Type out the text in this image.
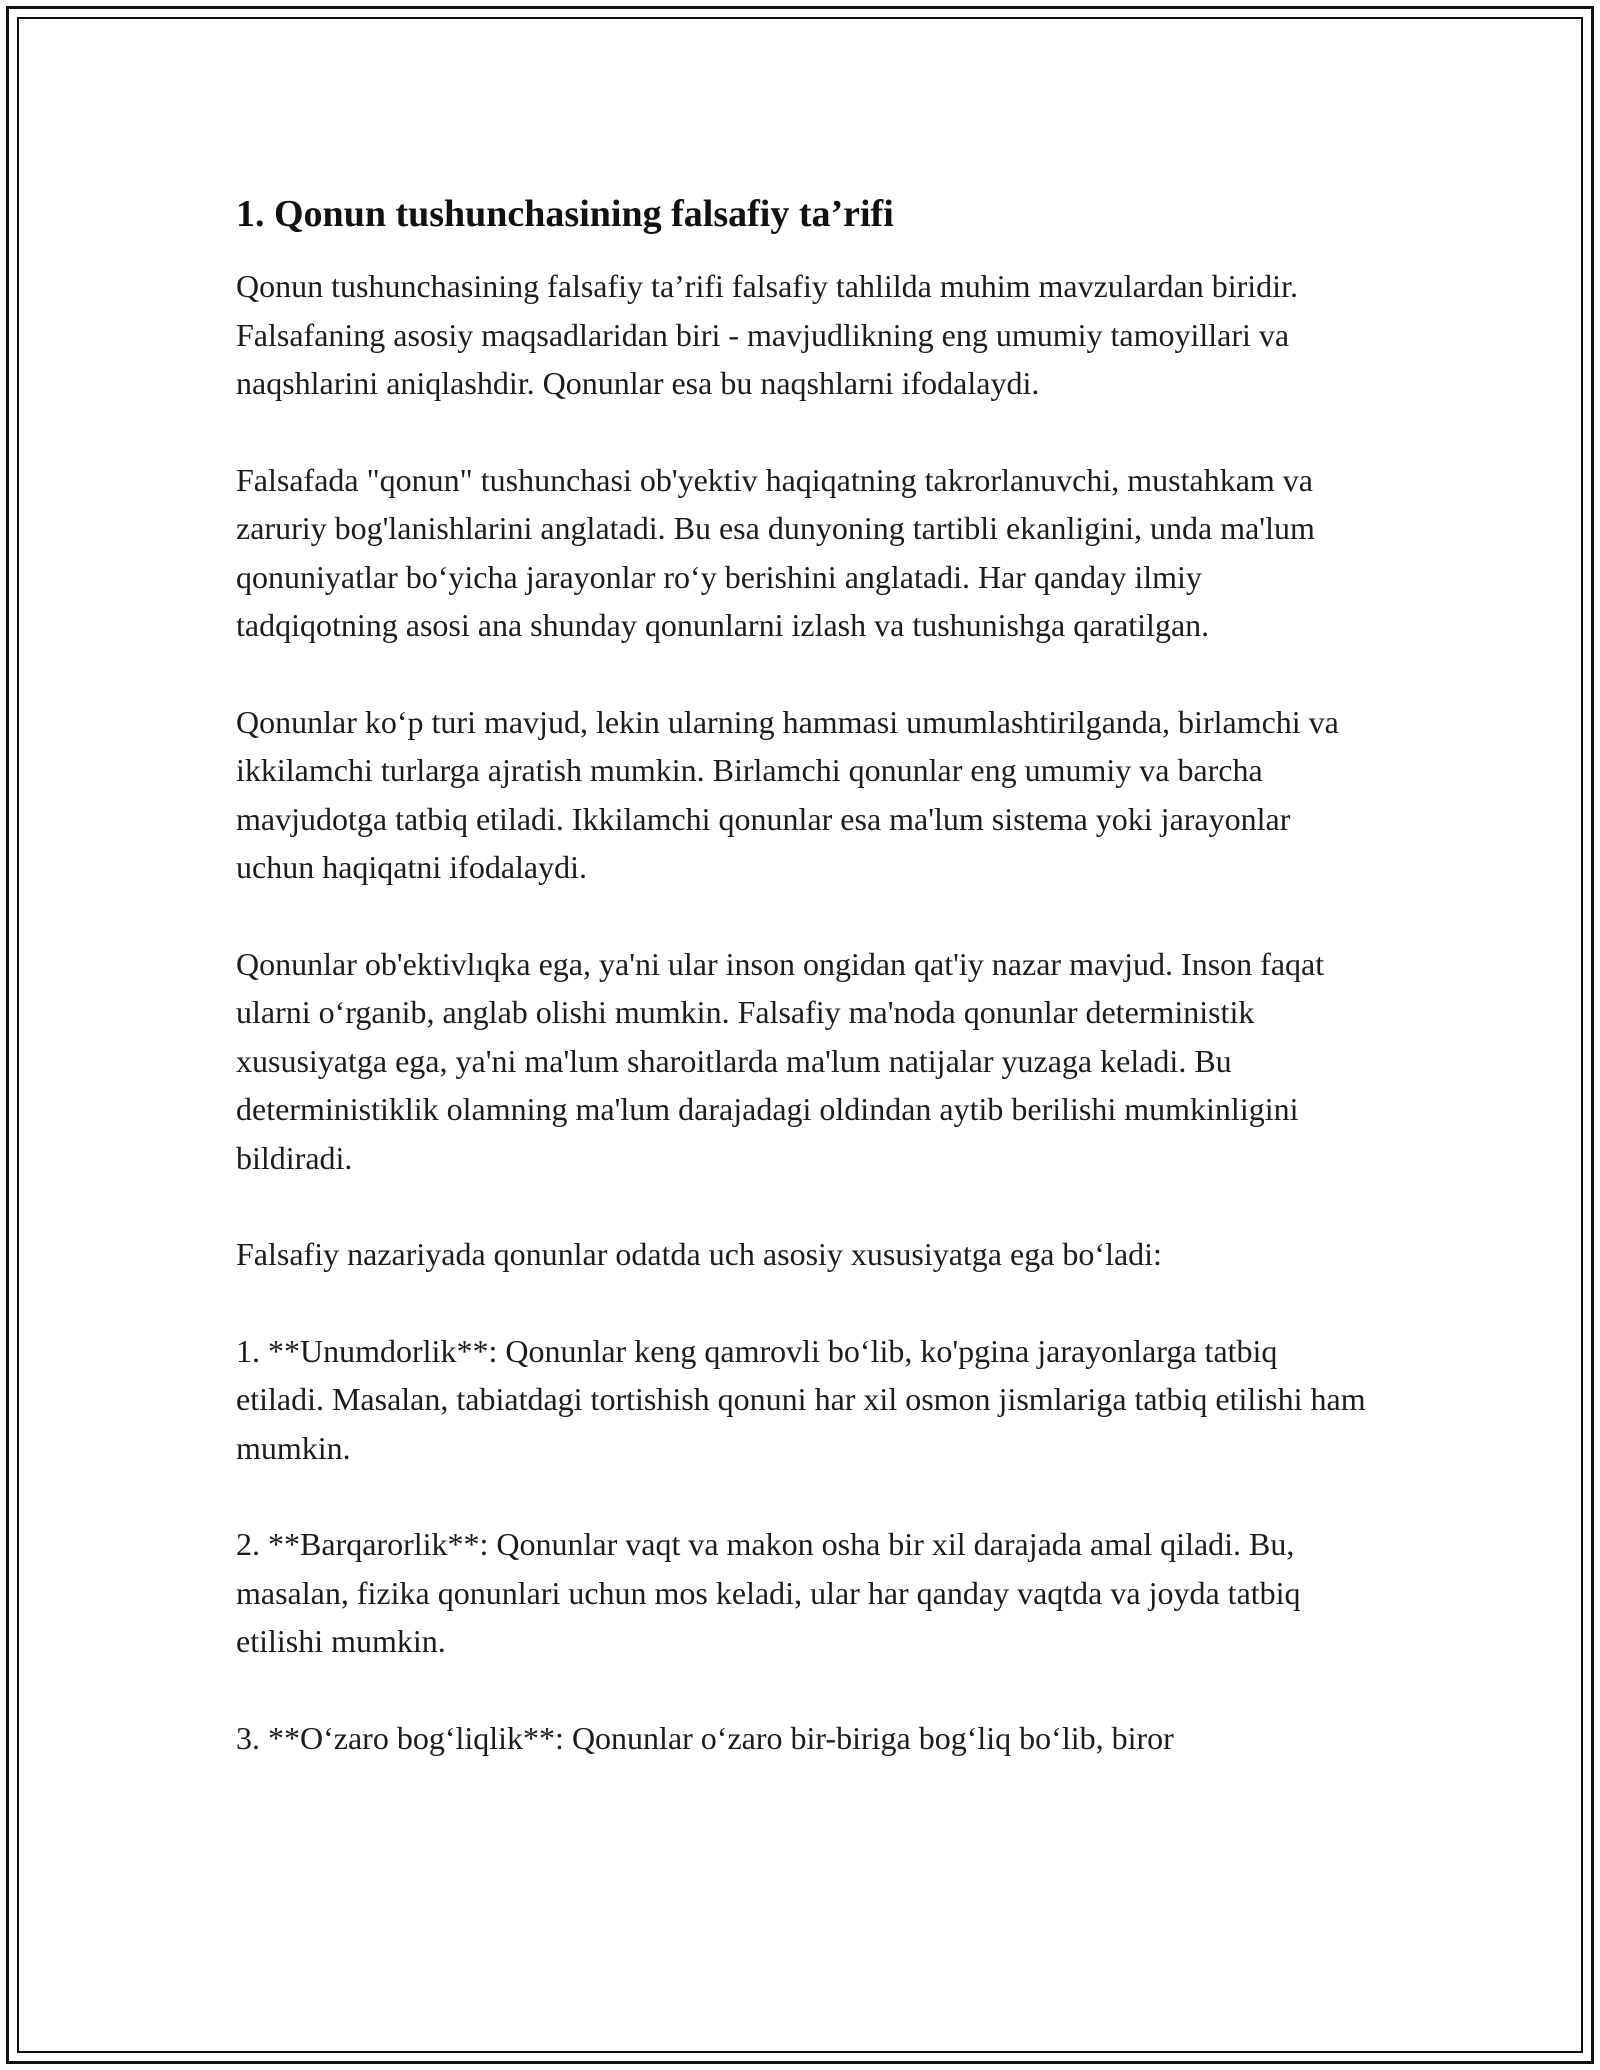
1. Qonun tushunchasining falsafiy ta’rifi

Qonun tushunchasining falsafiy ta’rifi falsafiy tahlilda muhim mavzulardan biridir. Falsafaning asosiy maqsadlaridan biri - mavjudlikning eng umumiy tamoyillari va naqshlarini aniqlashdir. Qonunlar esa bu naqshlarni ifodalaydi.

Falsafada "qonun" tushunchasi ob'yektiv haqiqatning takrorlanuvchi, mustahkam va zaruriy bog'lanishlarini anglatadi. Bu esa dunyoning tartibli ekanligini, unda ma'lum qonuniyatlar boʻyicha jarayonlar roʻy berishini anglatadi. Har qanday ilmiy tadqiqotning asosi ana shunday qonunlarni izlash va tushunishga qaratilgan.

Qonunlar koʻp turi mavjud, lekin ularning hammasi umumlashtirilganda, birlamchi va ikkilamchi turlarga ajratish mumkin. Birlamchi qonunlar eng umumiy va barcha mavjudotga tatbiq etiladi. Ikkilamchi qonunlar esa ma'lum sistema yoki jarayonlar uchun haqiqatni ifodalaydi.

Qonunlar ob'ektivlıqka ega, ya'ni ular inson ongidan qat'iy nazar mavjud. Inson faqat ularni oʻrganib, anglab olishi mumkin. Falsafiy ma'noda qonunlar deterministik xususiyatga ega, ya'ni ma'lum sharoitlarda ma'lum natijalar yuzaga keladi. Bu deterministiklik olamning ma'lum darajadagi oldindan aytib berilishi mumkinligini bildiradi.

Falsafiy nazariyada qonunlar odatda uch asosiy xususiyatga ega boʻladi:

1. **Unumdorlik**: Qonunlar keng qamrovli boʻlib, ko'pgina jarayonlarga tatbiq etiladi. Masalan, tabiatdagi tortishish qonuni har xil osmon jismlariga tatbiq etilishi ham mumkin.

2. **Barqarorlik**: Qonunlar vaqt va makon osha bir xil darajada amal qiladi. Bu, masalan, fizika qonunlari uchun mos keladi, ular har qanday vaqtda va joyda tatbiq etilishi mumkin.

3. **Oʻzaro bogʻliqlik**: Qonunlar oʻzaro bir-biriga bogʻliq boʻlib, biror
